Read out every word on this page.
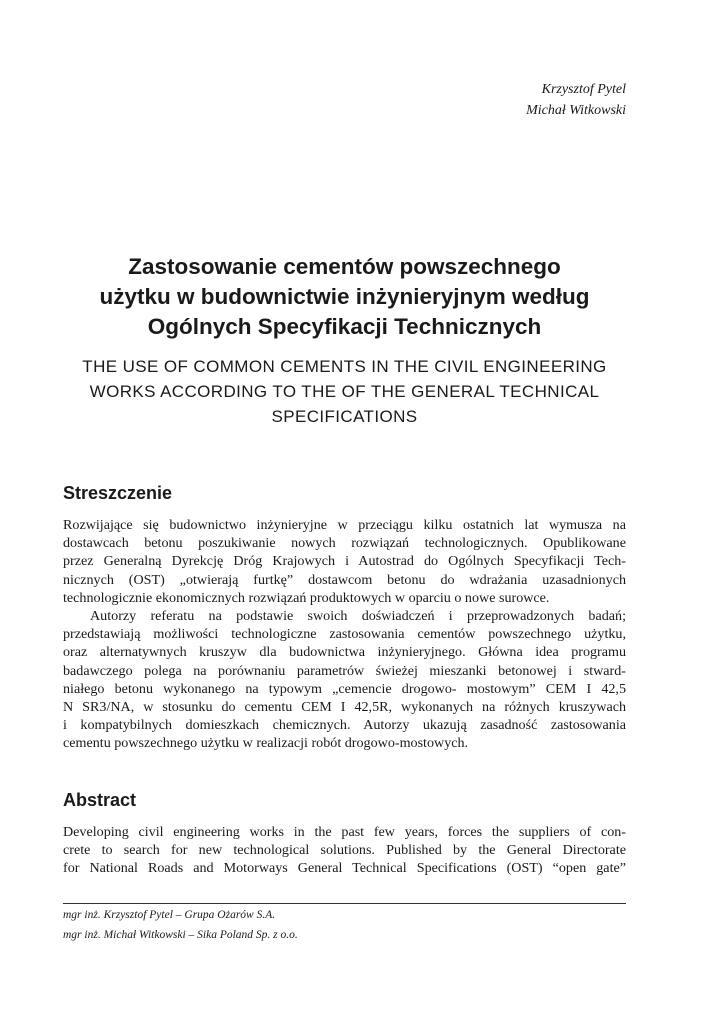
Krzysztof Pytel
Michał Witkowski
Zastosowanie cementów powszechnego
użytku w budownictwie inżynieryjnym według
Ogólnych Specyfikacji Technicznych
THE USE OF COMMON CEMENTS IN THE CIVIL ENGINEERING
WORKS ACCORDING TO THE OF THE GENERAL TECHNICAL
SPECIFICATIONS
Streszczenie
Rozwijające się budownictwo inżynieryjne w przeciągu kilku ostatnich lat wymusza na
dostawcach betonu poszukiwanie nowych rozwiązań technologicznych. Opublikowane
przez Generalną Dyrekcję Dróg Krajowych i Autostrad do Ogólnych Specyfikacji Tech-
nicznych (OST) „otwierają furtkę” dostawcom betonu do wdrażania uzasadnionych
technologicznie ekonomicznych rozwiązań produktowych w oparciu o nowe surowce.
Autorzy referatu na podstawie swoich doświadczeń i przeprowadzonych badań;
przedstawiają możliwości technologiczne zastosowania cementów powszechnego użytku,
oraz alternatywnych kruszyw dla budownictwa inżynieryjnego. Główna idea programu
badawczego polega na porównaniu parametrów świeżej mieszanki betonowej i stward-
niałego betonu wykonanego na typowym „cemencie drogowo- mostowym” CEM I 42,5
N SR3/NA, w stosunku do cementu CEM I 42,5R, wykonanych na różnych kruszywach
i kompatybilnych domieszkach chemicznych. Autorzy ukazują zasadność zastosowania
cementu powszechnego użytku w realizacji robót drogowo-mostowych.
Abstract
Developing civil engineering works in the past few years, forces the suppliers of con-
crete to search for new technological solutions. Published by the General Directorate
for National Roads and Motorways General Technical Specifications (OST) “open gate”
mgr inż. Krzysztof Pytel – Grupa Ożarów S.A.
mgr inż. Michał Witkowski – Sika Poland Sp. z o.o.
